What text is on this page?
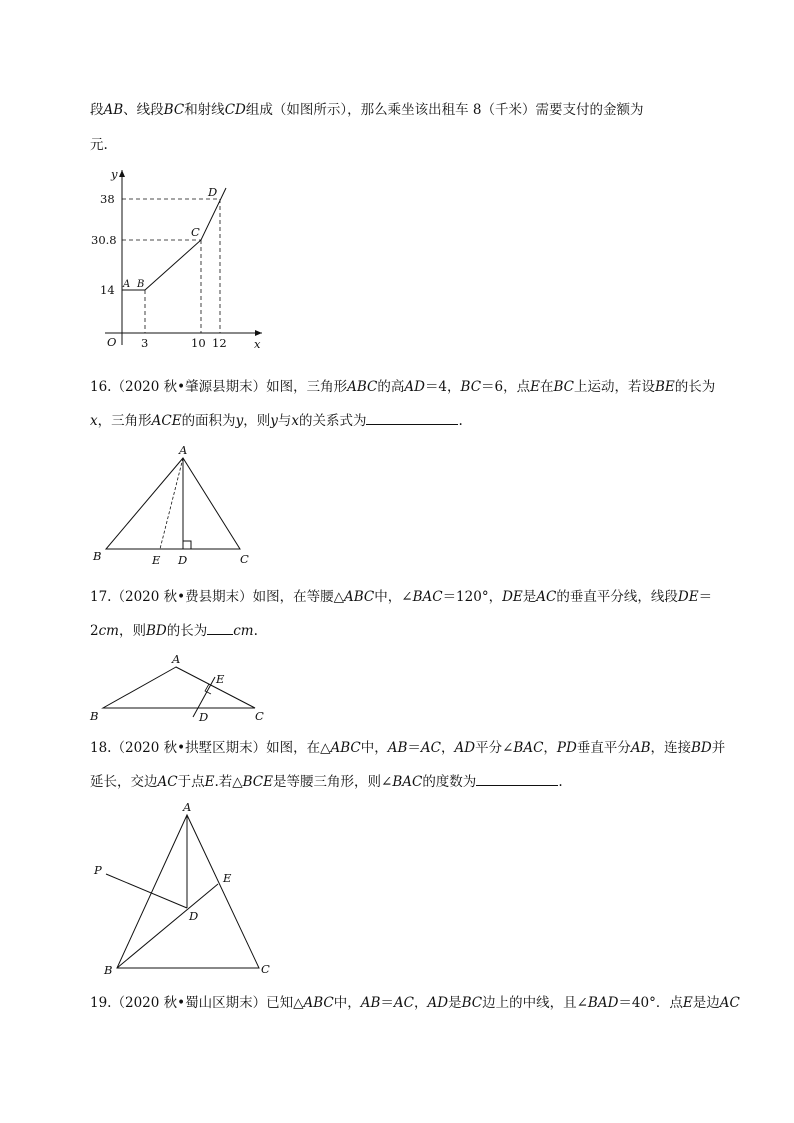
段AB、线段BC和射线CD组成（如图所示），那么乘坐该出租车 8（千米）需要支付的金额为
元.
y
x
O
38
30.8
14
3	10 12
A B
C
D
A
B	E D	C
A
E
B	D	C
A
P
E
D
B	C
16.（2020 秋•肇源县期末）如图，三角形ABC的高AD＝4，BC＝6，点E在BC上运动，若设BE的长为
x，三角形ACE的面积为y，则y与x的关系式为	.
17.（2020 秋•费县期末）如图，在等腰△ABC中，∠BAC＝120°，DE是AC的垂直平分线，线段DE＝
2cm，则BD的长为 cm.
18.（2020 秋•拱墅区期末）如图，在△ABC中，AB＝AC，AD平分∠BAC，PD垂直平分AB，连接BD并
延长，交边AC于点E.若△BCE是等腰三角形，则∠BAC的度数为	.
19.（2020 秋•蜀山区期末）已知△ABC中，AB＝AC，AD是BC边上的中线，且∠BAD＝40°．点E是边AC
